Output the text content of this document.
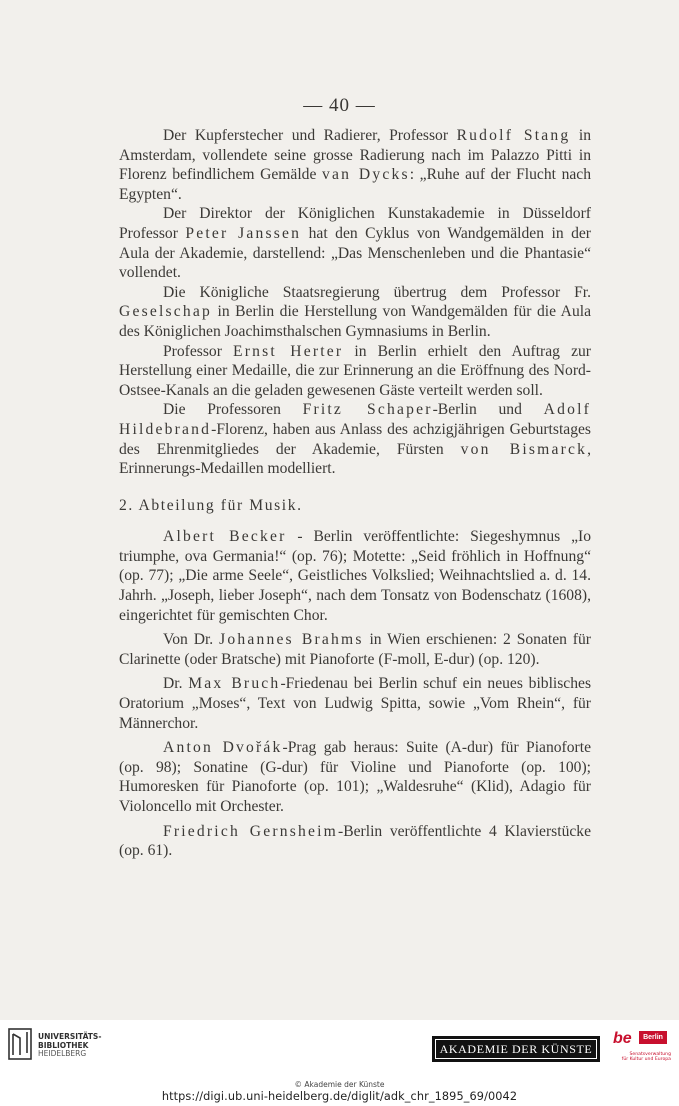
— 40 —

Der Kupferstecher und Radierer, Professor Rudolf Stang in Amsterdam, vollendete seine grosse Radierung nach im Palazzo Pitti in Florenz befindlichem Gemälde van Dycks: „Ruhe auf der Flucht nach Egypten“.

Der Direktor der Königlichen Kunstakademie in Düsseldorf Professor Peter Janssen hat den Cyklus von Wandgemälden in der Aula der Akademie, darstellend: „Das Menschenleben und die Phantasie“ vollendet.

Die Königliche Staatsregierung übertrug dem Professor Fr. Geselschap in Berlin die Herstellung von Wandgemälden für die Aula des Königlichen Joachimsthalschen Gymnasiums in Berlin.

Professor Ernst Herter in Berlin erhielt den Auftrag zur Herstellung einer Medaille, die zur Erinnerung an die Eröffnung des Nord-Ostsee-Kanals an die geladen gewesenen Gäste verteilt werden soll.

Die Professoren Fritz Schaper-Berlin und Adolf Hildebrand-Florenz, haben aus Anlass des achzigjährigen Geburtstages des Ehrenmitgliedes der Akademie, Fürsten von Bismarck, Erinnerungs-Medaillen modelliert.

2. Abteilung für Musik.

Albert Becker - Berlin veröffentlichte: Siegeshymnus „Io triumphe, ova Germania!“ (op. 76); Motette: „Seid fröhlich in Hoffnung“ (op. 77); „Die arme Seele“, Geistliches Volkslied; Weihnachtslied a. d. 14. Jahrh. „Joseph, lieber Joseph“, nach dem Tonsatz von Bodenschatz (1608), eingerichtet für gemischten Chor.

Von Dr. Johannes Brahms in Wien erschienen: 2 Sonaten für Clarinette (oder Bratsche) mit Pianoforte (F-moll, E-dur) (op. 120).

Dr. Max Bruch-Friedenau bei Berlin schuf ein neues biblisches Oratorium „Moses“, Text von Ludwig Spitta, sowie „Vom Rhein“, für Männerchor.

Anton Dvořák-Prag gab heraus: Suite (A-dur) für Pianoforte (op. 98); Sonatine (G-dur) für Violine und Pianoforte (op. 100); Humoresken für Pianoforte (op. 101); „Waldesruhe“ (Klid), Adagio für Violoncello mit Orchester.

Friedrich Gernsheim-Berlin veröffentlichte 4 Klavierstücke (op. 61).

UNIVERSITÄTS-
BIBLIOTHEK
HEIDELBERG	AKADEMIE DER KÜNSTE
be	Berlin
Senatsverwaltung
für Kultur und Europa
© Akademie der Künste
https://digi.ub.uni-heidelberg.de/diglit/adk_chr_1895_69/0042
